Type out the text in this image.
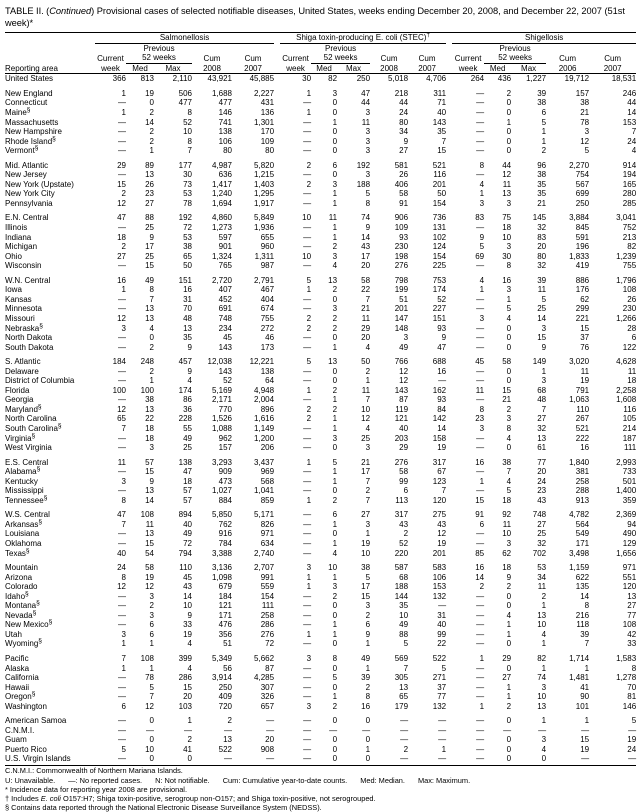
TABLE II. (Continued) Provisional cases of selected notifiable diseases, United States, weeks ending December 20, 2008, and December 22, 2007 (51st week)*
	Salmonellosis						Shiga toxin-producing E. coli (STEC)†						Shigellosis				
		Previous						Previous						Previous			
	Current	52 weeks		Cum	Cum		Current	52 weeks		Cum	Cum		Current	52 weeks		Cum	Cum
Reporting area	week	Med	Max	2008	2007		week	Med	Max	2008	2007		week	Med	Max	2006	2007
United States	366	813	2,110	43,921	45,885		30	82	250	5,018	4,706		264	436	1,227	19,712	18,531

New England	1	19	506	1,688	2,227		1	3	47	218	311		—	2	39	157	246
Connecticut	—	0	477	477	431		—	0	44	44	71		—	0	38	38	44
Maine§	1	2	8	146	136		1	0	3	24	40		—	0	6	21	14
Massachusetts	—	14	52	741	1,301		—	1	11	80	143		—	1	5	78	153
New Hampshire	—	2	10	138	170		—	0	3	34	35		—	0	1	3	7
Rhode Island§	—	2	8	106	109		—	0	3	9	7		—	0	1	12	24
Vermont§	—	1	7	80	80		—	0	3	27	15		—	0	2	5	4

Mid. Atlantic	29	89	177	4,987	5,820		2	6	192	581	521		8	44	96	2,270	914
New Jersey	—	13	30	636	1,215		—	0	3	26	116		—	12	38	754	194
New York (Upstate)	15	26	73	1,417	1,403		2	3	188	406	201		4	11	35	567	165
New York City	2	23	53	1,240	1,295		—	1	5	58	50		1	13	35	699	280
Pennsylvania	12	27	78	1,694	1,917		—	1	8	91	154		3	3	21	250	285

E.N. Central	47	88	192	4,860	5,849		10	11	74	906	736		83	75	145	3,884	3,041
Illinois	—	25	72	1,273	1,936		—	1	9	109	131		—	18	32	845	752
Indiana	18	9	53	597	655		—	1	14	93	102		9	10	83	591	213
Michigan	2	17	38	901	960		—	2	43	230	124		5	3	20	196	82
Ohio	27	25	65	1,324	1,311		10	3	17	198	154		69	30	80	1,833	1,239
Wisconsin	—	15	50	765	987		—	4	20	276	225		—	8	32	419	755

W.N. Central	16	49	151	2,720	2,791		5	13	58	798	753		4	16	39	886	1,796
Iowa	1	8	16	407	467		1	2	22	199	174		1	3	11	176	108
Kansas	—	7	31	452	404		—	0	7	51	52		—	1	5	62	26
Minnesota	—	13	70	691	674		—	3	21	201	227		—	5	25	299	230
Missouri	12	13	48	748	755		2	2	11	147	151		3	4	14	221	1,266
Nebraska§	3	4	13	234	272		2	2	29	148	93		—	0	3	15	28
North Dakota	—	0	35	45	46		—	0	20	3	9		—	0	15	37	6
South Dakota	—	2	9	143	173		—	1	4	49	47		—	0	9	76	122

S. Atlantic	184	248	457	12,038	12,221		5	13	50	766	688		45	58	149	3,020	4,628
Delaware	—	2	9	143	138		—	0	2	12	16		—	0	1	11	11
District of Columbia	—	1	4	52	64		—	0	1	12	—		—	0	3	19	18
Florida	100	100	174	5,169	4,948		1	2	11	143	162		11	15	68	791	2,258
Georgia	—	38	86	2,171	2,004		—	1	7	87	93		—	21	48	1,063	1,608
Maryland§	12	13	36	770	896		2	2	10	119	84		8	2	7	110	116
North Carolina	65	22	228	1,526	1,616		2	1	12	121	142		23	3	27	267	105
South Carolina§	7	18	55	1,088	1,149		—	1	4	40	14		3	8	32	521	214
Virginia§	—	18	49	962	1,200		—	3	25	203	158		—	4	13	222	187
West Virginia	—	3	25	157	206		—	0	3	29	19		—	0	61	16	111

E.S. Central	11	57	138	3,293	3,437		1	5	21	276	317		16	38	77	1,840	2,993
Alabama§	—	15	47	909	969		—	1	17	58	67		—	7	20	381	733
Kentucky	3	9	18	473	568		—	1	7	99	123		1	4	24	258	501
Mississippi	—	13	57	1,027	1,041		—	0	2	6	7		—	5	23	288	1,400
Tennessee§	8	14	57	884	859		1	2	7	113	120		15	18	43	913	359

W.S. Central	47	108	894	5,850	5,171		—	6	27	317	275		91	92	748	4,782	2,369
Arkansas§	7	11	40	762	826		—	1	3	43	43		6	11	27	564	94
Louisiana	—	13	49	916	971		—	0	1	2	12		—	10	25	549	490
Oklahoma	—	15	72	784	634		—	1	19	52	19		—	3	32	171	129
Texas§	40	54	794	3,388	2,740		—	4	10	220	201		85	62	702	3,498	1,656

Mountain	24	58	110	3,136	2,707		3	10	38	587	583		16	18	53	1,159	971
Arizona	8	19	45	1,098	991		1	1	5	68	106		14	9	34	622	551
Colorado	12	12	43	679	559		1	3	17	188	153		2	2	11	135	120
Idaho§	—	3	14	184	154		—	2	15	144	132		—	0	2	14	13
Montana§	—	2	10	121	111		—	0	3	35	—		—	0	1	8	27
Nevada§	—	3	9	171	258		—	0	2	10	31		—	4	13	216	77
New Mexico§	—	6	33	476	286		—	1	6	49	40		—	1	10	118	108
Utah	3	6	19	356	276		1	1	9	88	99		—	1	4	39	42
Wyoming§	1	1	4	51	72		—	0	1	5	22		—	0	1	7	33

Pacific	7	108	399	5,349	5,662		3	8	49	569	522		1	29	82	1,714	1,583
Alaska	1	1	4	56	87		—	0	1	7	5		—	0	1	1	8
California	—	78	286	3,914	4,285		—	5	39	305	271		—	27	74	1,481	1,278
Hawaii	—	5	15	250	307		—	0	2	13	37		—	1	3	41	70
Oregon§	—	7	20	409	326		—	1	8	65	77		—	1	10	90	81
Washington	6	12	103	720	657		3	2	16	179	132		1	2	13	101	146

American Samoa	—	0	1	2	—		—	0	0	—	—		—	0	1	1	5
C.N.M.I.	—	—	—	—	—		—	—	—	—	—		—	—	—	—	—
Guam	—	0	2	13	20		—	0	0	—	—		—	0	3	15	19
Puerto Rico	5	10	41	522	908		—	0	1	2	1		—	0	4	19	24
U.S. Virgin Islands	—	0	0	—	—		—	0	0	—	—		—	0	0	—	—
C.N.M.I.: Commonwealth of Northern Mariana Islands.
U: Unavailable. —: No reported cases. N: Not notifiable. Cum: Cumulative year-to-date counts. Med: Median. Max: Maximum.
* Incidence data for reporting year 2008 are provisional.
† Includes E. coli O157:H7; Shiga toxin-positive, serogroup non-O157; and Shiga toxin-positive, not serogrouped.
§ Contains data reported through the National Electronic Disease Surveillance System (NEDSS).
